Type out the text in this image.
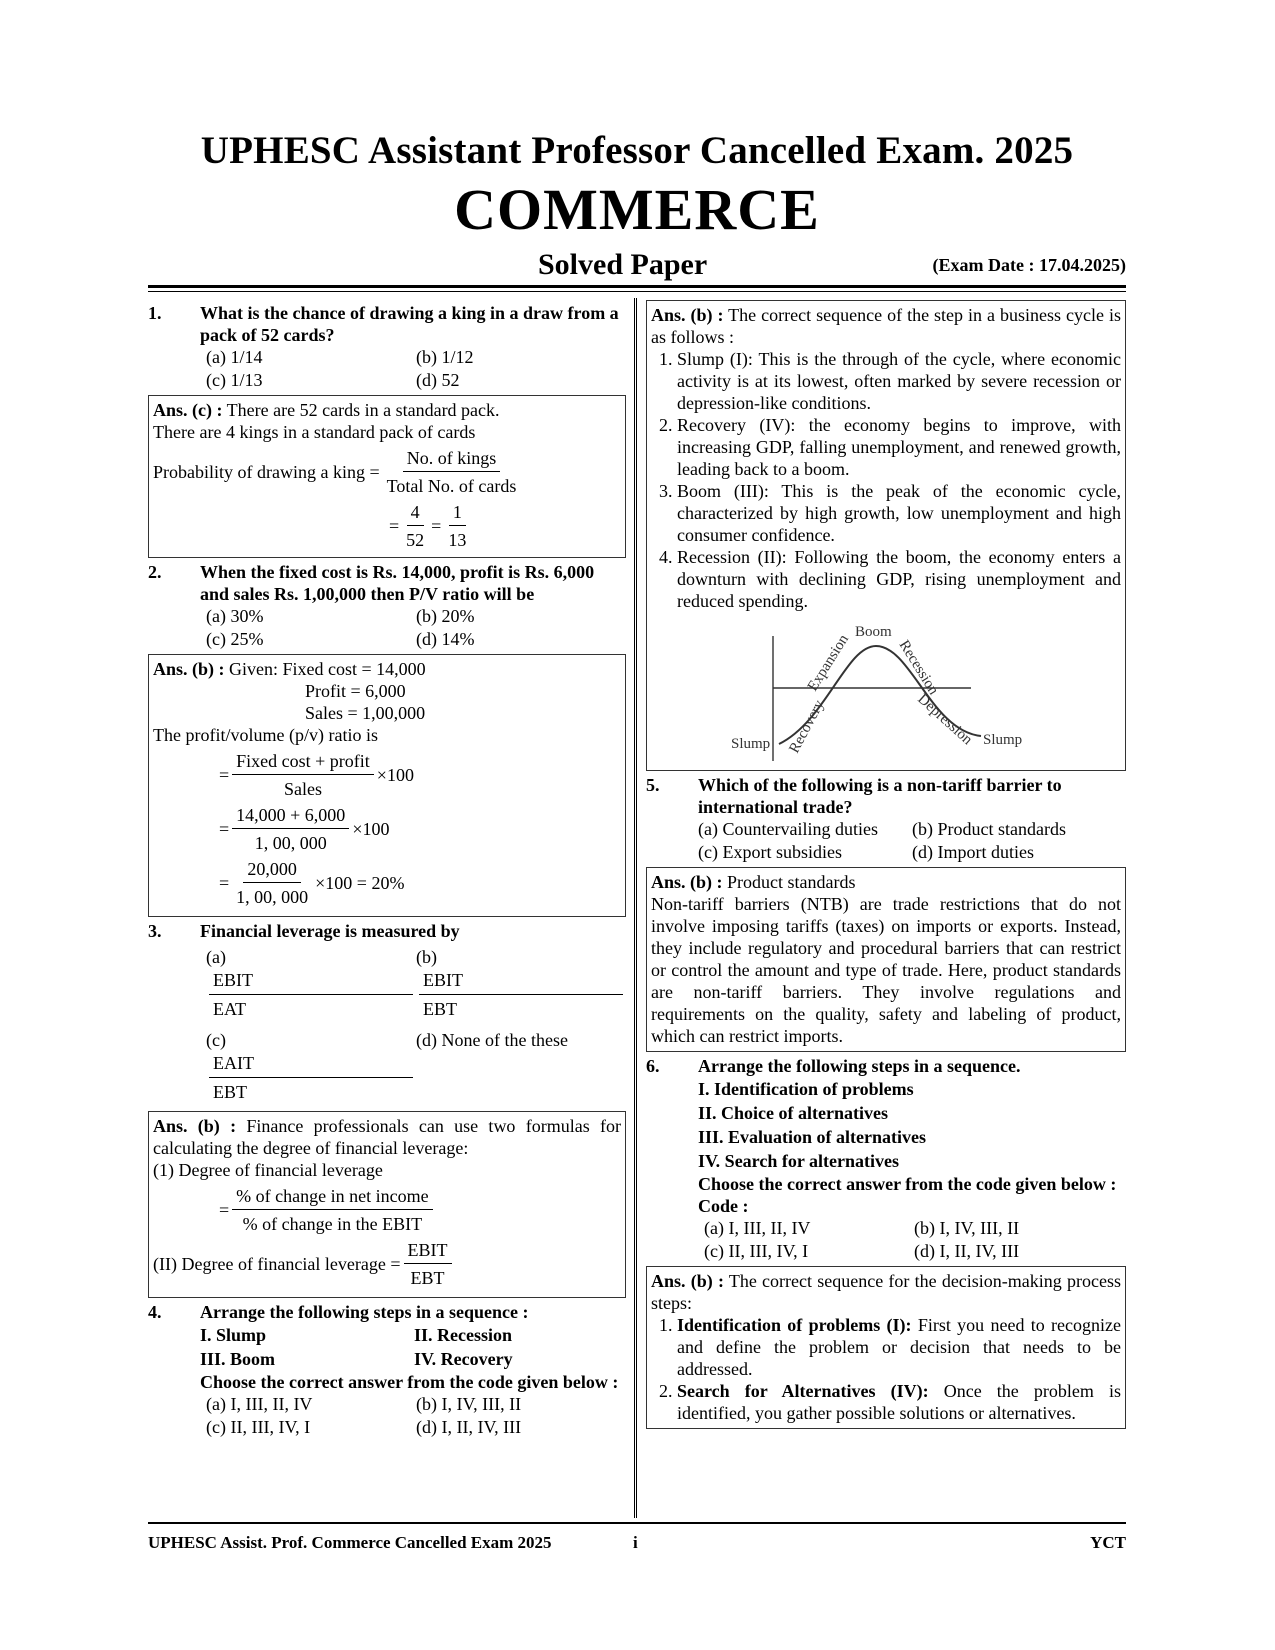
UPHESC Assistant Professor Cancelled Exam. 2025
COMMERCE
Solved Paper	(Exam Date : 17.04.2025)
1. What is the chance of drawing a king in a draw from a pack of 52 cards?
(a) 1/14	(b) 1/12
(c) 1/13	(d) 52
Ans. (c) : There are 52 cards in a standard pack.
There are 4 kings in a standard pack of cards
Probability of drawing a king = $\frac{\text{No. of kings}}{\text{Total No. of cards}}$
= $\frac{4}{52} = \frac{1}{13}$
2. When the fixed cost is Rs. 14,000, profit is Rs. 6,000 and sales Rs. 1,00,000 then P/V ratio will be
(a) 30%	(b) 20%
(c) 25%	(d) 14%
Ans. (b) : Given: Fixed cost = 14,000
Profit = 6,000
Sales = 1,00,000
The profit/volume (p/v) ratio is
= $\frac{\text{Fixed cost + profit}}{\text{Sales}} \times 100$
= $\frac{14,000 + 6,000}{1, 00, 000} \times 100$
= $\frac{20,000}{1, 00, 000} \times 100 = 20\%$
3. Financial leverage is measured by
(a)
EBIT
EAT
(b)
EBIT
EBT
(c)
EAIT
EBT
(d) None of the these
Ans. (b) : Finance professionals can use two formulas for calculating the degree of financial leverage:
(1) Degree of financial leverage
= $\frac{\text{\% of change in net income}}{\text{\% of change in the EBIT}}$
(II) Degree of financial leverage = $\frac{\text{EBIT}}{\text{EBT}}$
4. Arrange the following steps in a sequence :
I. Slump	II. Recession
III. Boom	IV. Recovery
Choose the correct answer from the code given below :
(a) I, III, II, IV	(b) I, IV, III, II
(c) II, III, IV, I	(d) I, II, IV, III
Ans. (b) : The correct sequence of the step in a business cycle is as follows :
1. Slump (I): This is the through of the cycle, where economic activity is at its lowest, often marked by severe recession or depression-like conditions.
2. Recovery (IV): the economy begins to improve, with increasing GDP, falling unemployment, and renewed growth, leading back to a boom.
3. Boom (III): This is the peak of the economic cycle, characterized by high growth, low unemployment and high consumer confidence.
4. Recession (II): Following the boom, the economy enters a downturn with declining GDP, rising unemployment and reduced spending.
Boom
Expansion	Recession
Recovery	Depression
Slump	Slump
5. Which of the following is a non-tariff barrier to international trade?
(a) Countervailing duties	(b) Product standards
(c) Export subsidies	(d) Import duties
Ans. (b) : Product standards
Non-tariff barriers (NTB) are trade restrictions that do not involve imposing tariffs (taxes) on imports or exports. Instead, they include regulatory and procedural barriers that can restrict or control the amount and type of trade. Here, product standards are non-tariff barriers. They involve regulations and requirements on the quality, safety and labeling of product, which can restrict imports.
6. Arrange the following steps in a sequence.
I. Identification of problems
II. Choice of alternatives
III. Evaluation of alternatives
IV. Search for alternatives
Choose the correct answer from the code given below :
Code :
(a) I, III, II, IV	(b) I, IV, III, II
(c) II, III, IV, I	(d) I, II, IV, III
Ans. (b) : The correct sequence for the decision-making process steps:
1. Identification of problems (I): First you need to recognize and define the problem or decision that needs to be addressed.
2. Search for Alternatives (IV): Once the problem is identified, you gather possible solutions or alternatives.
UPHESC Assist. Prof. Commerce Cancelled Exam 2025	i	YCT
